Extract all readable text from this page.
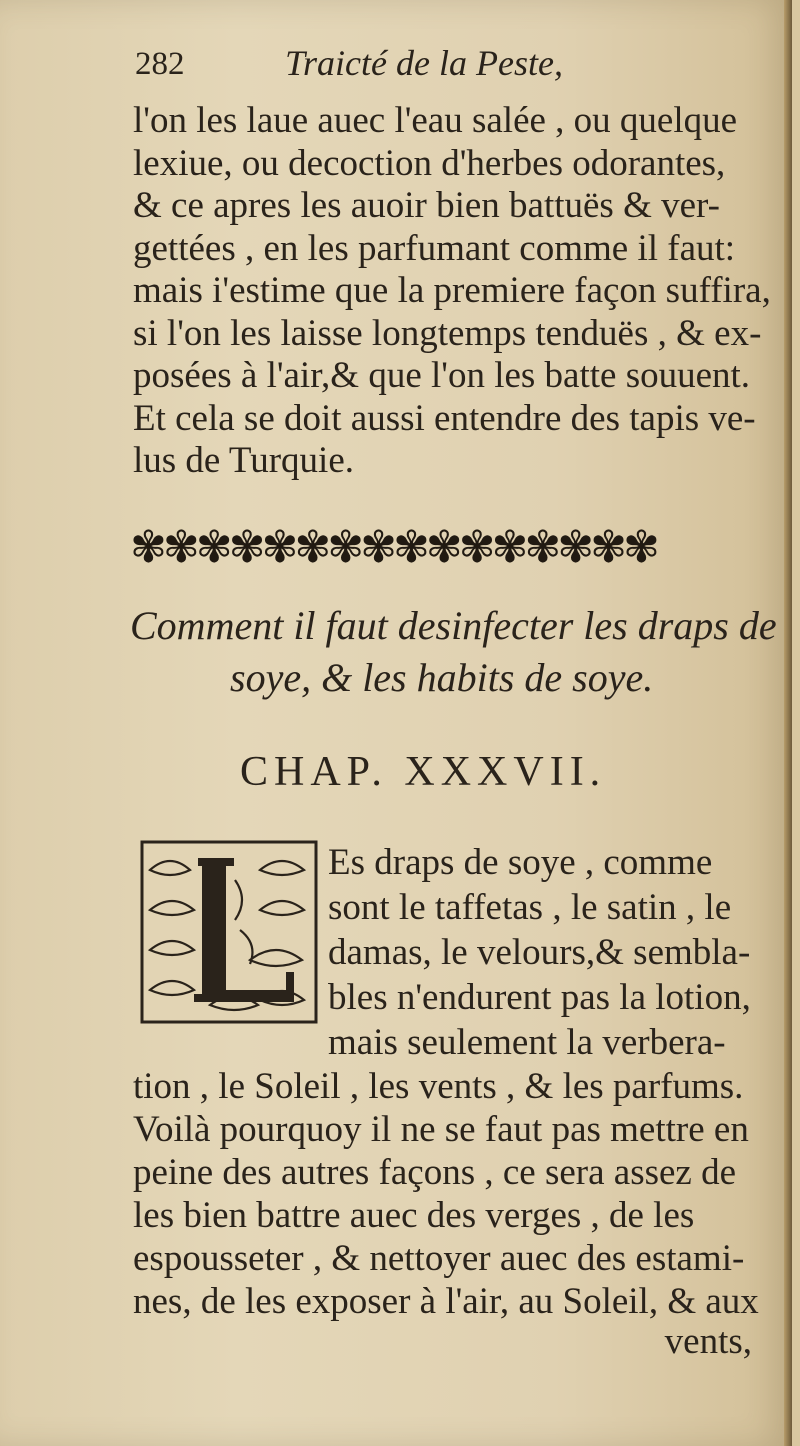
282	Traicté de la Peste,
l'on les laue auec l'eau salée , ou quelque
lexiue, ou decoction d'herbes odorantes,
& ce apres les auoir bien battuës & ver-
gettées , en les parfumant comme il faut:
mais i'estime que la premiere façon suffira,
si l'on les laisse longtemps tenduës , & ex-
posées à l'air,& que l'on les batte souuent.
Et cela se doit aussi entendre des tapis ve-
lus de Turquie.
✾✾✾✾✾✾✾✾✾✾✾✾✾✾✾✾
Comment il faut desinfecter les draps de
soye, & les habits de soye.
CHAP. XXXVII.
Es draps de soye , comme
sont le taffetas , le satin , le
damas, le velours,& sembla-
bles n'endurent pas la lotion,
mais seulement la verbera-
tion , le Soleil , les vents , & les parfums.
Voilà pourquoy il ne se faut pas mettre en
peine des autres façons , ce sera assez de
les bien battre auec des verges , de les
espousseter , & nettoyer auec des estami-
nes, de les exposer à l'air, au Soleil, & aux
vents,
